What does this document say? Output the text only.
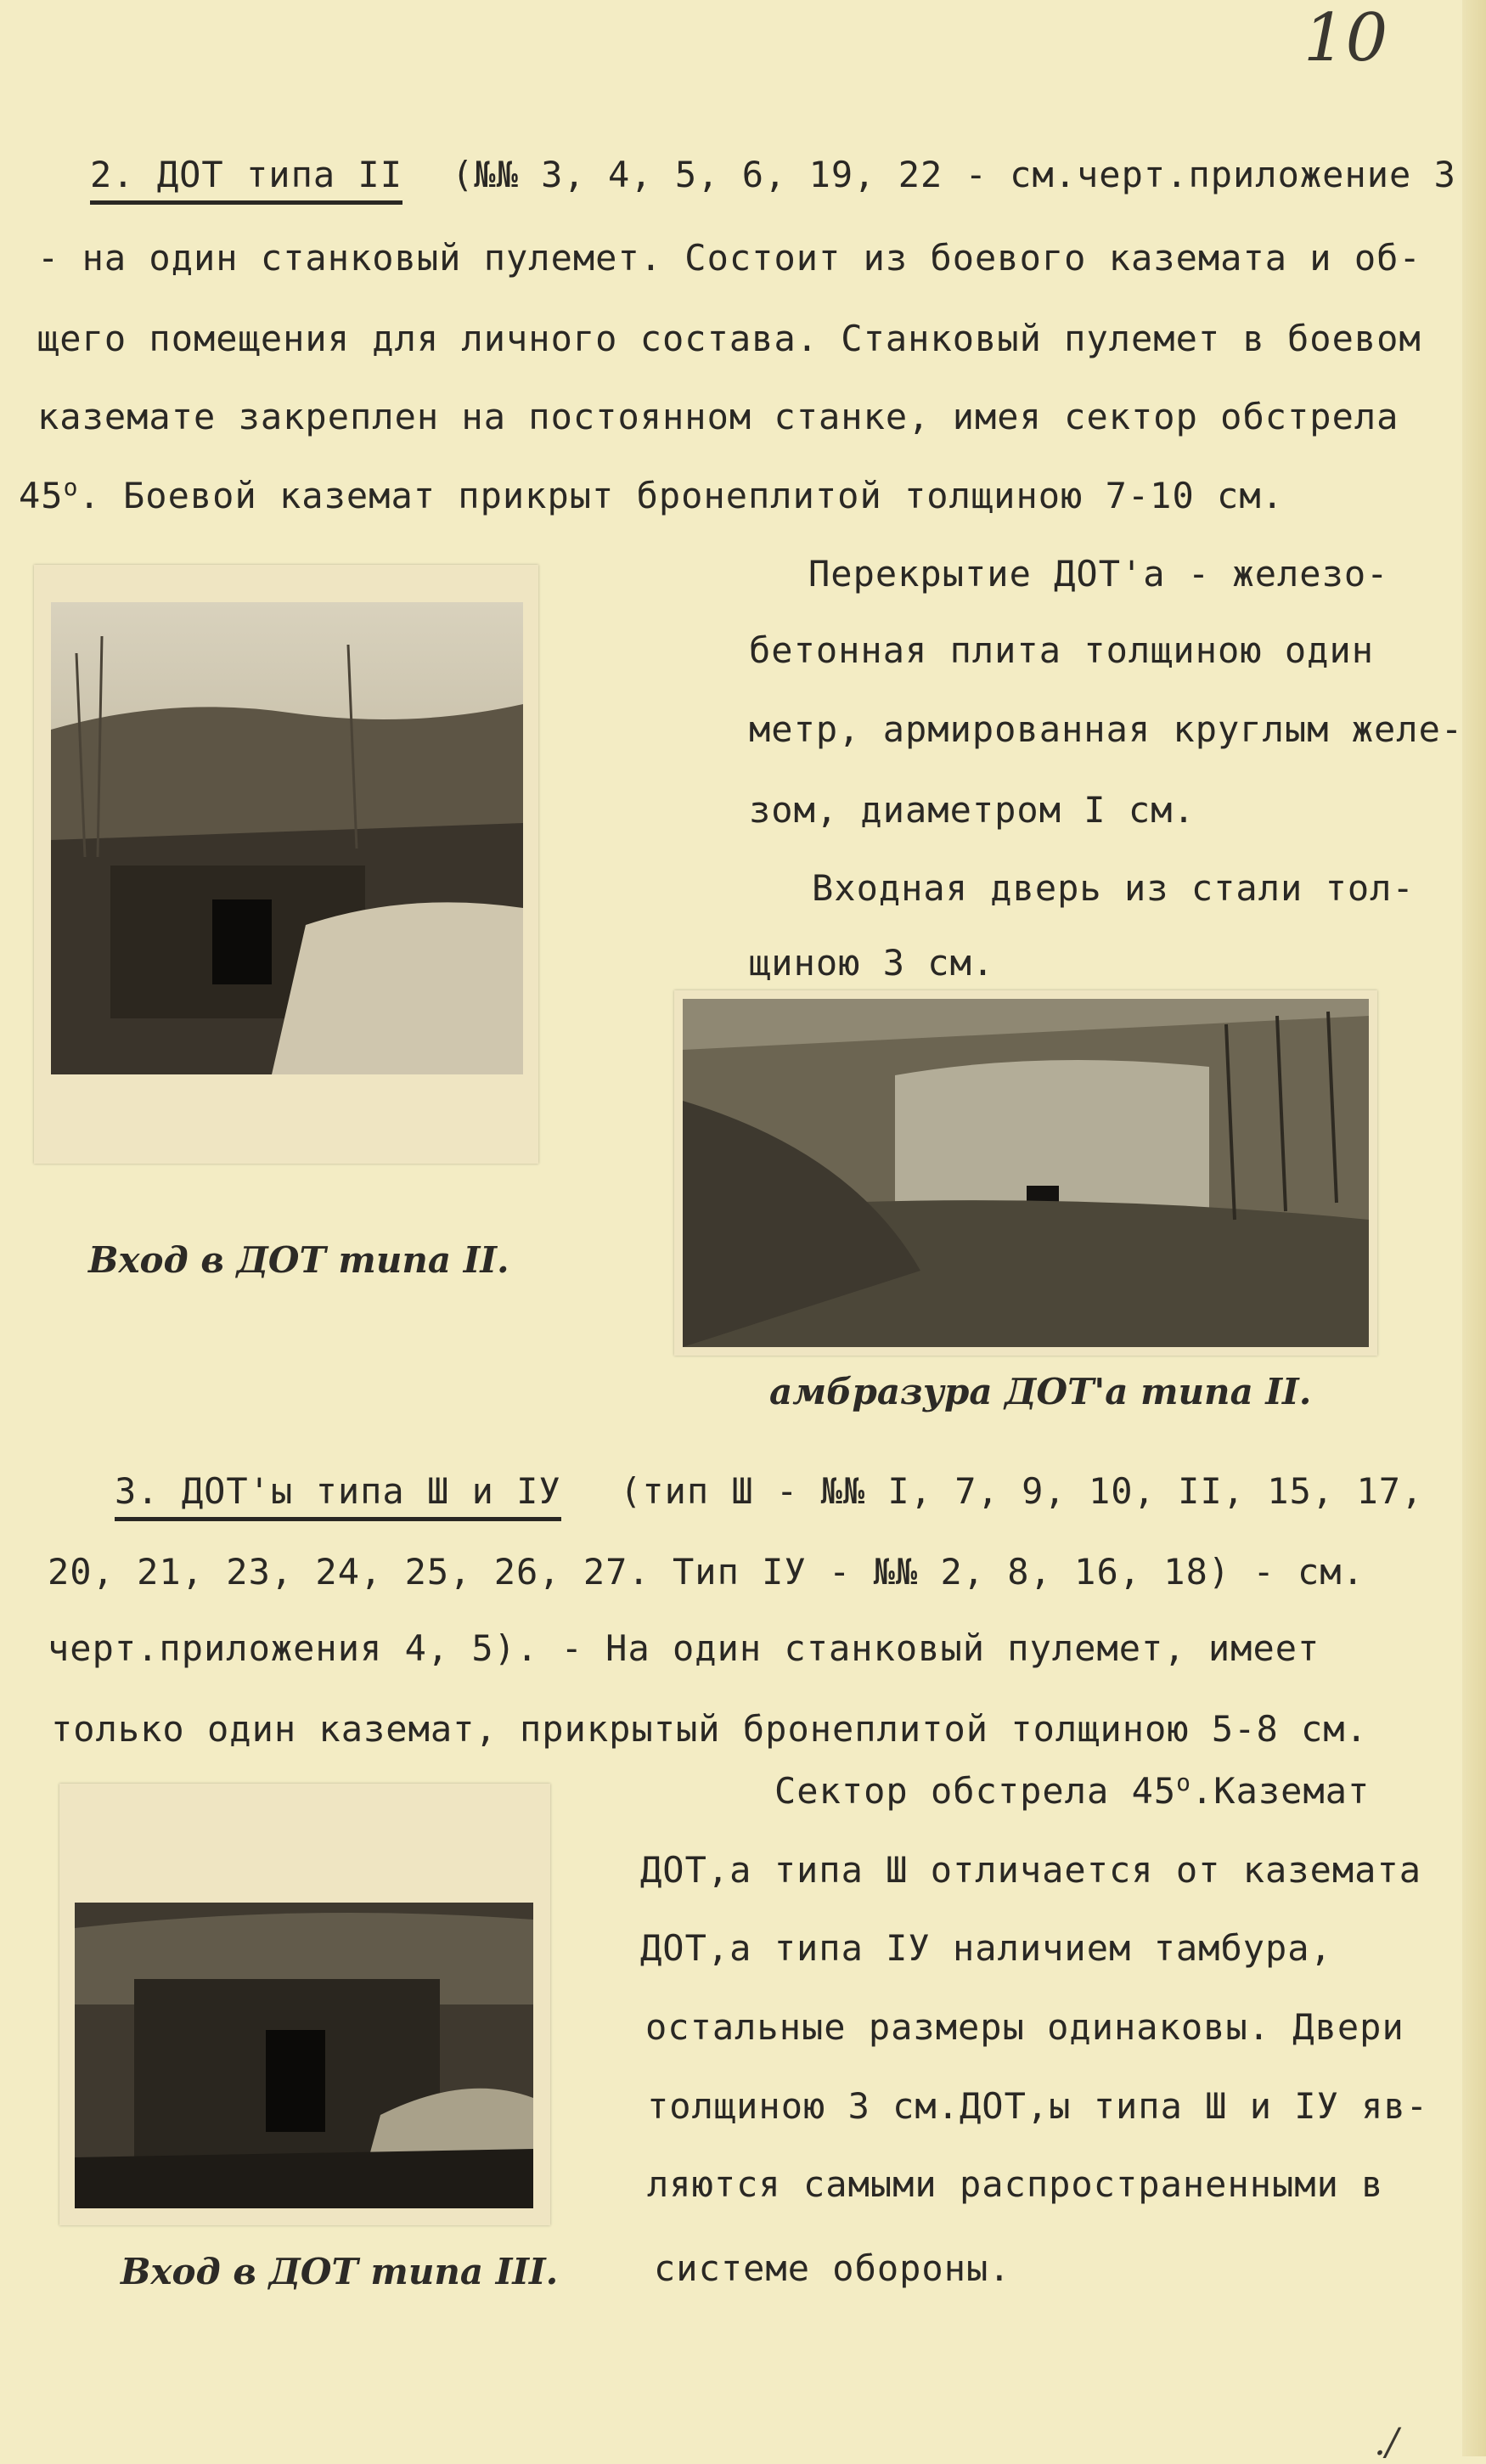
10
2. ДОТ типа II (№№ 3, 4, 5, 6, 19, 22 - см.черт.приложение 3
- на один станковый пулемет. Состоит из боевого каземата и об-
щего помещения для личного состава. Станковый пулемет в боевом
каземате закреплен на постоянном станке, имея сектор обстрела
$45^о$. Боевой каземат прикрыт бронеплитой толщиною 7-10 см.
Перекрытие ДОТ'а - железо-
бетонная плита толщиною один
метр, армированная круглым желе-
зом, диаметром I см.
Входная дверь из стали тол-
щиною 3 см.
Вход в ДОТ типа II.
амбразура ДОТ'а типа II.
3. ДОТ'ы типа Ш и IУ (тип Ш - №№ I, 7, 9, 10, II, 15, 17,
20, 21, 23, 24, 25, 26, 27. Тип IУ - №№ 2, 8, 16, 18) - см.
черт.приложения 4, 5). - На один станковый пулемет, имеет
только один каземат, прикрытый бронеплитой толщиною 5-8 см.
Сектор обстрела $45^о.Каземат$
ДОТ,а типа Ш отличается от каземата
ДОТ,а типа IУ наличием тамбура,
остальные размеры одинаковы. Двери
толщиною 3 см.ДОТ,ы типа Ш и IУ яв-
ляются самыми распространенными в
системе обороны.
Вход в ДОТ типа III.
./
